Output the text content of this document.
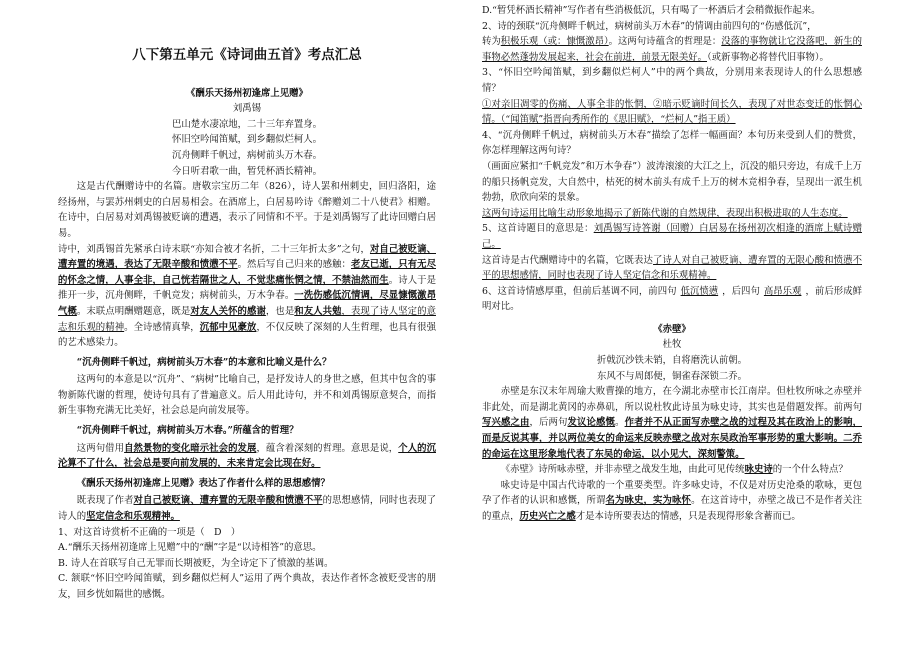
八下第五单元《诗词曲五首》考点汇总
《酬乐天扬州初逢席上见赠》
刘禹锡
巴山楚水凄凉地，二十三年弃置身。
怀旧空吟闻笛赋，到乡翻似烂柯人。
沉舟侧畔千帆过，病树前头万木春。
今日听君歌一曲，暂凭杯酒长精神。

这是古代酬赠诗中的名篇。唐敬宗宝历二年（826），诗人罢和州刺史，回归洛阳，途经扬州，与罢苏州刺史的白居易相会。在酒席上，白居易吟诗《醉赠刘二十八使君》相赠。在诗中，白居易对刘禹锡被贬谪的遭遇，表示了同情和不平。于是刘禹锡写了此诗回赠白居易。

诗中，刘禹锡首先紧承白诗末联“亦知合被才名折，二十三年折太多”之句，对自己被贬谪、遭弃置的境遇，表达了无限辛酸和愤懑不平。然后写自己归来的感触：老友已逝，只有无尽的怀念之情，人事全非，自己恍若隔世之人，不觉悲痛怅惘之情，不禁油然而生。诗人于是推开一步，沉舟侧畔，千帆竞发；病树前头，万木争春。一洗伤感低沉情调，尽显慷慨激昂气概。末联点明酬赠题意，既是对友人关怀的感谢，也是和友人共勉，表现了诗人坚定的意志和乐观的精神。全诗感情真挚，沉郁中见豪放，不仅反映了深刻的人生哲理，也具有很强的艺术感染力。

“沉舟侧畔千帆过，病树前头万木春”的本意和比喻义是什么？

这两句的本意是以“沉舟”、“病树”比喻自己，是抒发诗人的身世之感，但其中包含的事物新陈代谢的哲理，使诗句具有了普遍意义。后人用此诗句，并不和刘禹锡原意契合，而指新生事物充满无比美好，社会总是向前发展等。

“沉舟侧畔千帆过，病树前头万木春。”所蕴含的哲理？

这两句借用自然景物的变化暗示社会的发展，蕴含着深刻的哲理。意思是说，个人的沉沦算不了什么，社会总是要向前发展的，未来肯定会比现在好。

《酬乐天扬州初逢席上见赠》表达了作者什么样的思想感情？

既表现了作者对自己被贬谪、遭弃置的无限辛酸和愤懑不平的思想感情，同时也表现了诗人的坚定信念和乐观精神。

1、对这首诗赏析不正确的一项是（　D　）

A.“酬乐天扬州初逢席上见赠”中的“酬”字是“以诗相答”的意思。

B. 诗人在首联写自己无罪而长期被贬，为全诗定下了愤激的基调。

C. 颔联“怀旧空吟闻笛赋，到乡翻似烂柯人”运用了两个典故，表达作者怀念被贬受害的朋友，回乡恍如隔世的感慨。

D.“暂凭杯酒长精神”写作者有些消极低沉，只有喝了一杯酒后才会稍微振作起来。

2、诗的颈联“沉舟侧畔千帆过，病树前头万木春”的情调由前四句的“伤感低沉”，

转为积极乐观（或：慷慨激昂）。这两句诗蕴含的哲理是：没落的事物就让它没落吧，新生的事物必然蓬勃发展起来，社会在前进，前景无限美好。（或新事物必将替代旧事物）。

3、“怀旧空吟闻笛赋，到乡翻似烂柯人”中的两个典故，分别用来表现诗人的什么思想感情？

①对亲旧凋零的伤痛、人事全非的怅惘，②暗示贬谪时间长久，表现了对世态变迁的怅惘心情。（“闻笛赋”指晋向秀所作的《思旧赋》，“烂柯人”指王质）

4、“沉舟侧畔千帆过，病树前头万木春”描绘了怎样一幅画面？本句历来受到人们的赞赏，你怎样理解这两句诗？

（画面应紧扣“千帆竞发”和万木争春”）波涛滚滚的大江之上，沉没的船只旁边，有成千上万的船只扬帆竞发，大自然中，枯死的树木前头有成千上万的树木竞相争春，呈现出一派生机勃勃，欣欣向荣的景象。

这两句诗运用比喻生动形象地揭示了新陈代谢的自然规律，表现出积极进取的人生态度。

5、这首诗题目的意思是：刘禹锡写诗答谢（回赠）白居易在扬州初次相逢的酒席上赋诗赠己。

这首诗是古代酬赠诗中的名篇，它既表达了诗人对自己被贬谪、遭弃置的无限心酸和愤懑不平的思想感情，同时也表现了诗人坚定信念和乐观精神。

6、这首诗情感厚重，但前后基调不同，前四句 低沉愤懑 ，后四句 高昂乐观 ，前后形成鲜明对比。

《赤壁》
杜牧
折戟沉沙铁未销，自将磨洗认前朝。
东风不与周郎便，铜雀春深锁二乔。

赤壁是东汉末年周瑜大败曹操的地方，在今湖北赤壁市长江南岸。但杜牧所咏之赤壁并非此处，而是湖北黄冈的赤鼻矶，所以说杜牧此诗虽为咏史诗，其实也是借题发挥。前两句写兴感之由，后两句发议论感慨。作者并不从正面写赤壁之战的过程及其在政治上的影响，而是反说其事，并以两位美女的命运来反映赤壁之战对东吴政治军事形势的重大影响。二乔的命运在这里形象地代表了东吴的命运，以小见大，深刻警策。

《赤壁》诗所咏赤壁，并非赤壁之战发生地，由此可见传统咏史诗的一个什么特点？

咏史诗是中国古代诗歌的一个重要类型。许多咏史诗，不仅是对历史沧桑的歌咏，更包孕了作者的认识和感慨，所谓名为咏史，实为咏怀。在这首诗中，赤壁之战已不是作者关注的重点，历史兴亡之感才是本诗所要表达的情感，只是表现得形象含蓄而已。
